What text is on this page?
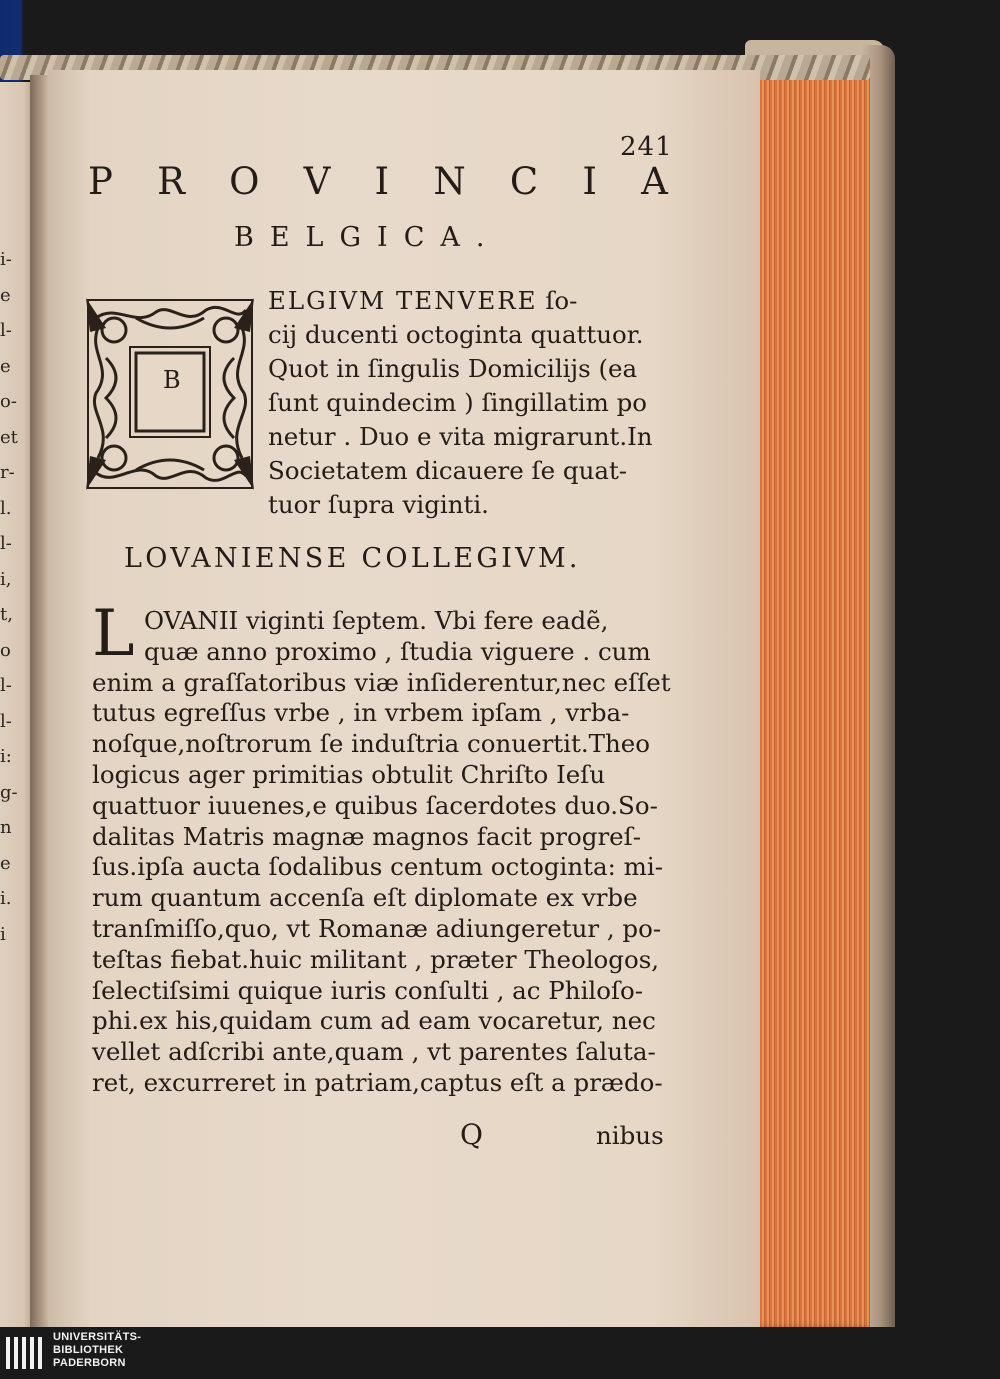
i-
e
l-
e
o-
et
r-
l.
l-
i,
t,
o
l-
l-
i:
g-
n
e
i.
i
241
P R O V I N C I A
BELGICA.
B
ELGIVM TENVERE ſo-
cij ducenti octoginta quattuor.
Quot in ſingulis Domicilijs (ea
ſunt quindecim ) ſingillatim po
netur . Duo e vita migrarunt.In
Societatem dicauere ſe quat-
tuor ſupra viginti.
LOVANIENSE COLLEGIVM.
L OVANII viginti ſeptem. Vbi fere eadẽ,
quæ anno proximo , ſtudia viguere . cum
enim a graſſatoribus viæ inſiderentur,nec eſſet
tutus egreſſus vrbe , in vrbem ipſam , vrba-
noſque,noſtrorum ſe induſtria conuertit.Theo
logicus ager primitias obtulit Chriſto Ieſu
quattuor iuuenes,e quibus ſacerdotes duo.So-
dalitas Matris magnæ magnos facit progreſ-
ſus.ipſa aucta ſodalibus centum octoginta: mi-
rum quantum accenſa eſt diplomate ex vrbe
tranſmiſſo,quo, vt Romanæ adiungeretur , po-
teſtas fiebat.huic militant , præter Theologos,
ſelectiſsimi quique iuris conſulti , ac Philoſo-
phi.ex his,quidam cum ad eam vocaretur, nec
vellet adſcribi ante,quam , vt parentes ſaluta-
ret, excurreret in patriam,captus eſt a prædo-
Q	nibus
UNIVERSITÄTS-
BIBLIOTHEK
PADERBORN
